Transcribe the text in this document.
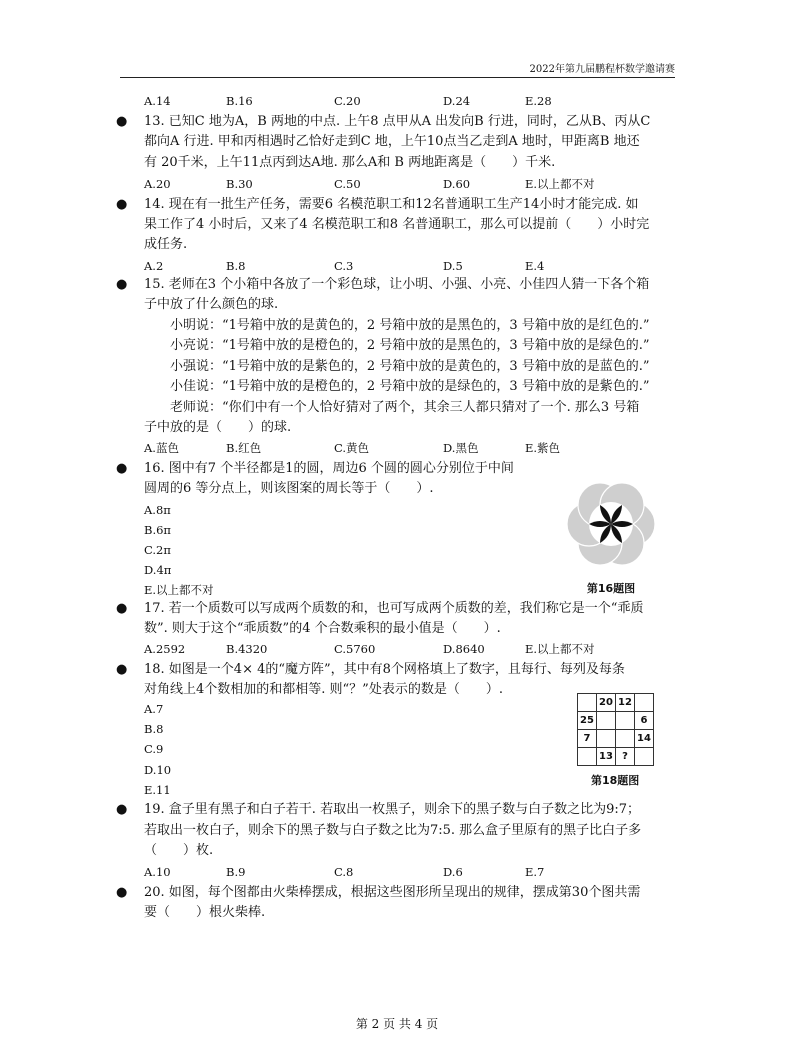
2022年第九届鹏程杯数学邀请赛
A.14	B.16	C.20	D.24	E.28
● 13. 已知C 地为A，B 两地的中点. 上午8 点甲从A 出发向B 行进，同时，乙从B、丙从C
都向A 行进. 甲和丙相遇时乙恰好走到C 地，上午10点当乙走到A 地时，甲距离B 地还
有 20千米，上午11点丙到达A地. 那么A和 B 两地距离是（　　）千米.
A.20	B.30	C.50	D.60	E.以上都不对
● 14. 现在有一批生产任务，需要6 名模范职工和12名普通职工生产14小时才能完成. 如
果工作了4 小时后，又来了4 名模范职工和8 名普通职工，那么可以提前（　　）小时完
成任务.
A.2	B.8	C.3	D.5	E.4
● 15. 老师在3 个小箱中各放了一个彩色球，让小明、小强、小亮、小佳四人猜一下各个箱
子中放了什么颜色的球.
小明说：“1号箱中放的是黄色的，2 号箱中放的是黑色的，3 号箱中放的是红色的.”
小亮说：“1号箱中放的是橙色的，2 号箱中放的是黑色的，3 号箱中放的是绿色的.”
小强说：“1号箱中放的是紫色的，2 号箱中放的是黄色的，3 号箱中放的是蓝色的.”
小佳说：“1号箱中放的是橙色的，2 号箱中放的是绿色的，3 号箱中放的是紫色的.”
老师说：“你们中有一个人恰好猜对了两个，其余三人都只猜对了一个. 那么3 号箱
子中放的是（　　）的球.
A.蓝色	B.红色	C.黄色	D.黑色	E.紫色
● 16. 图中有7 个半径都是1的圆，周边6 个圆的圆心分别位于中间
圆周的6 等分点上，则该图案的周长等于（　　）.
A.8π
B.6π
C.2π
D.4π
E.以上都不对	第16题图
● 17. 若一个质数可以写成两个质数的和，也可写成两个质数的差，我们称它是一个“乖质
数”. 则大于这个“乖质数”的4 个合数乘积的最小值是（　　）.
A.2592	B.4320	C.5760	D.8640	E.以上都不对
● 18. 如图是一个4× 4的“魔方阵”，其中有8个网格填上了数字，且每行、每列及每条
对角线上4个数相加的和都相等. 则“？”处表示的数是（　　）.
A.7
B.8
C.9
D.10
E.11
	20	12	
25			6
7			14
	13	?	
第18题图
● 19. 盒子里有黑子和白子若干. 若取出一枚黑子，则余下的黑子数与白子数之比为9:7；
若取出一枚白子，则余下的黑子数与白子数之比为7:5. 那么盒子里原有的黑子比白子多
（　　）枚.
A.10	B.9	C.8	D.6	E.7
● 20. 如图，每个图都由火柴棒摆成，根据这些图形所呈现出的规律，摆成第30个图共需
要（　　）根火柴棒.
第 2 页 共 4 页
